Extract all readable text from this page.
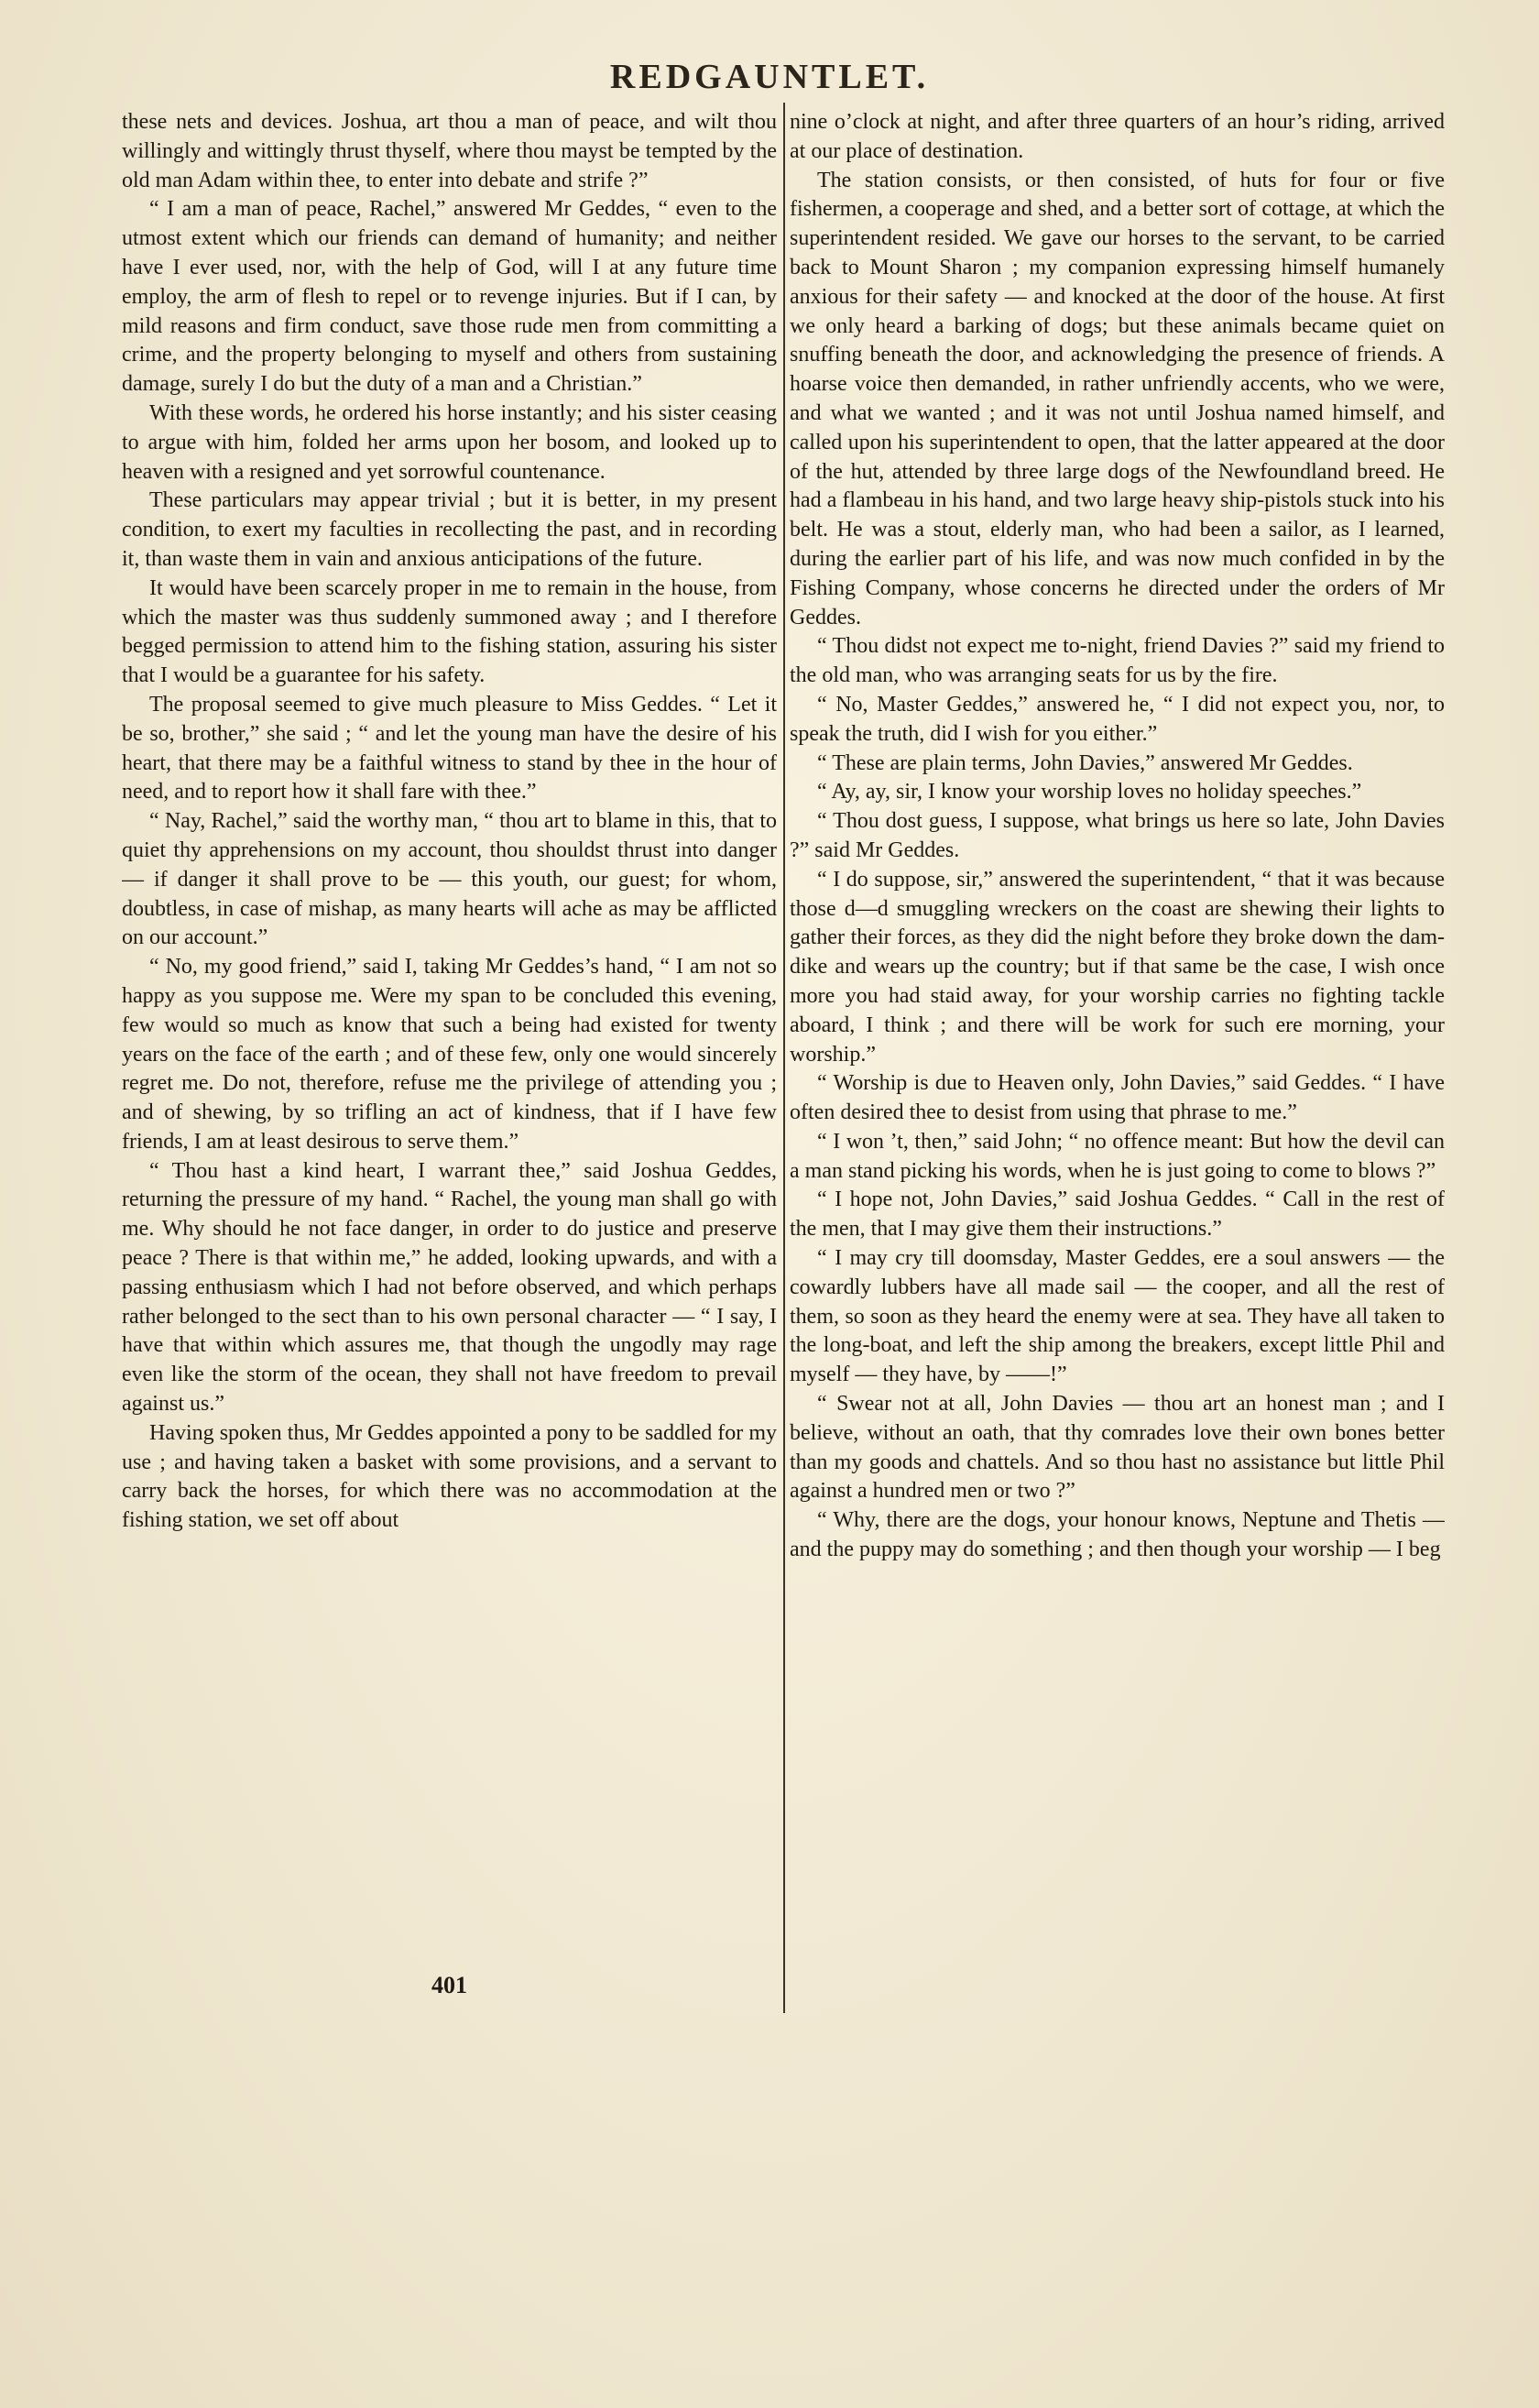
REDGAUNTLET.

these nets and devices. Joshua, art thou a man of peace, and wilt thou willingly and wittingly thrust thyself, where thou mayst be tempted by the old man Adam within thee, to enter into debate and strife ?”

“ I am a man of peace, Rachel,” answered Mr Geddes, “ even to the utmost extent which our friends can demand of humanity; and neither have I ever used, nor, with the help of God, will I at any future time employ, the arm of flesh to repel or to revenge injuries. But if I can, by mild reasons and firm conduct, save those rude men from committing a crime, and the property belonging to myself and others from sustaining damage, surely I do but the duty of a man and a Christian.”

With these words, he ordered his horse instantly; and his sister ceasing to argue with him, folded her arms upon her bosom, and looked up to heaven with a resigned and yet sorrowful countenance.

These particulars may appear trivial ; but it is better, in my present condition, to exert my faculties in recollecting the past, and in recording it, than waste them in vain and anxious anticipations of the future.

It would have been scarcely proper in me to remain in the house, from which the master was thus suddenly summoned away ; and I therefore begged permission to attend him to the fishing station, assuring his sister that I would be a guarantee for his safety.

The proposal seemed to give much pleasure to Miss Geddes. “ Let it be so, brother,” she said ; “ and let the young man have the desire of his heart, that there may be a faithful witness to stand by thee in the hour of need, and to report how it shall fare with thee.”

“ Nay, Rachel,” said the worthy man, “ thou art to blame in this, that to quiet thy apprehensions on my account, thou shouldst thrust into danger — if danger it shall prove to be — this youth, our guest; for whom, doubtless, in case of mishap, as many hearts will ache as may be afflicted on our account.”

“ No, my good friend,” said I, taking Mr Geddes’s hand, “ I am not so happy as you suppose me. Were my span to be concluded this evening, few would so much as know that such a being had existed for twenty years on the face of the earth ; and of these few, only one would sincerely regret me. Do not, therefore, refuse me the privilege of attending you ; and of shewing, by so trifling an act of kindness, that if I have few friends, I am at least desirous to serve them.”

“ Thou hast a kind heart, I warrant thee,” said Joshua Geddes, returning the pressure of my hand. “ Rachel, the young man shall go with me. Why should he not face danger, in order to do justice and preserve peace ? There is that within me,” he added, looking upwards, and with a passing enthusiasm which I had not before observed, and which perhaps rather belonged to the sect than to his own personal character — “ I say, I have that within which assures me, that though the ungodly may rage even like the storm of the ocean, they shall not have freedom to prevail against us.”

Having spoken thus, Mr Geddes appointed a pony to be saddled for my use ; and having taken a basket with some provisions, and a servant to carry back the horses, for which there was no accommodation at the fishing station, we set off about

nine o’clock at night, and after three quarters of an hour’s riding, arrived at our place of destination.

The station consists, or then consisted, of huts for four or five fishermen, a cooperage and shed, and a better sort of cottage, at which the superintendent resided. We gave our horses to the servant, to be carried back to Mount Sharon ; my companion expressing himself humanely anxious for their safety — and knocked at the door of the house. At first we only heard a barking of dogs; but these animals became quiet on snuffing beneath the door, and acknowledging the presence of friends. A hoarse voice then demanded, in rather unfriendly accents, who we were, and what we wanted ; and it was not until Joshua named himself, and called upon his superintendent to open, that the latter appeared at the door of the hut, attended by three large dogs of the Newfoundland breed. He had a flambeau in his hand, and two large heavy ship-pistols stuck into his belt. He was a stout, elderly man, who had been a sailor, as I learned, during the earlier part of his life, and was now much confided in by the Fishing Company, whose concerns he directed under the orders of Mr Geddes.

“ Thou didst not expect me to-night, friend Davies ?” said my friend to the old man, who was arranging seats for us by the fire.

“ No, Master Geddes,” answered he, “ I did not expect you, nor, to speak the truth, did I wish for you either.”

“ These are plain terms, John Davies,” answered Mr Geddes.

“ Ay, ay, sir, I know your worship loves no holiday speeches.”

“ Thou dost guess, I suppose, what brings us here so late, John Davies ?” said Mr Geddes.

“ I do suppose, sir,” answered the superintendent, “ that it was because those d—d smuggling wreckers on the coast are shewing their lights to gather their forces, as they did the night before they broke down the dam-dike and wears up the country; but if that same be the case, I wish once more you had staid away, for your worship carries no fighting tackle aboard, I think ; and there will be work for such ere morning, your worship.”

“ Worship is due to Heaven only, John Davies,” said Geddes. “ I have often desired thee to desist from using that phrase to me.”

“ I won ’t, then,” said John; “ no offence meant: But how the devil can a man stand picking his words, when he is just going to come to blows ?”

“ I hope not, John Davies,” said Joshua Geddes. “ Call in the rest of the men, that I may give them their instructions.”

“ I may cry till doomsday, Master Geddes, ere a soul answers — the cowardly lubbers have all made sail — the cooper, and all the rest of them, so soon as they heard the enemy were at sea. They have all taken to the long-boat, and left the ship among the breakers, except little Phil and myself — they have, by ——!”

“ Swear not at all, John Davies — thou art an honest man ; and I believe, without an oath, that thy comrades love their own bones better than my goods and chattels. And so thou hast no assistance but little Phil against a hundred men or two ?”

“ Why, there are the dogs, your honour knows, Neptune and Thetis — and the puppy may do something ; and then though your worship — I beg

401
